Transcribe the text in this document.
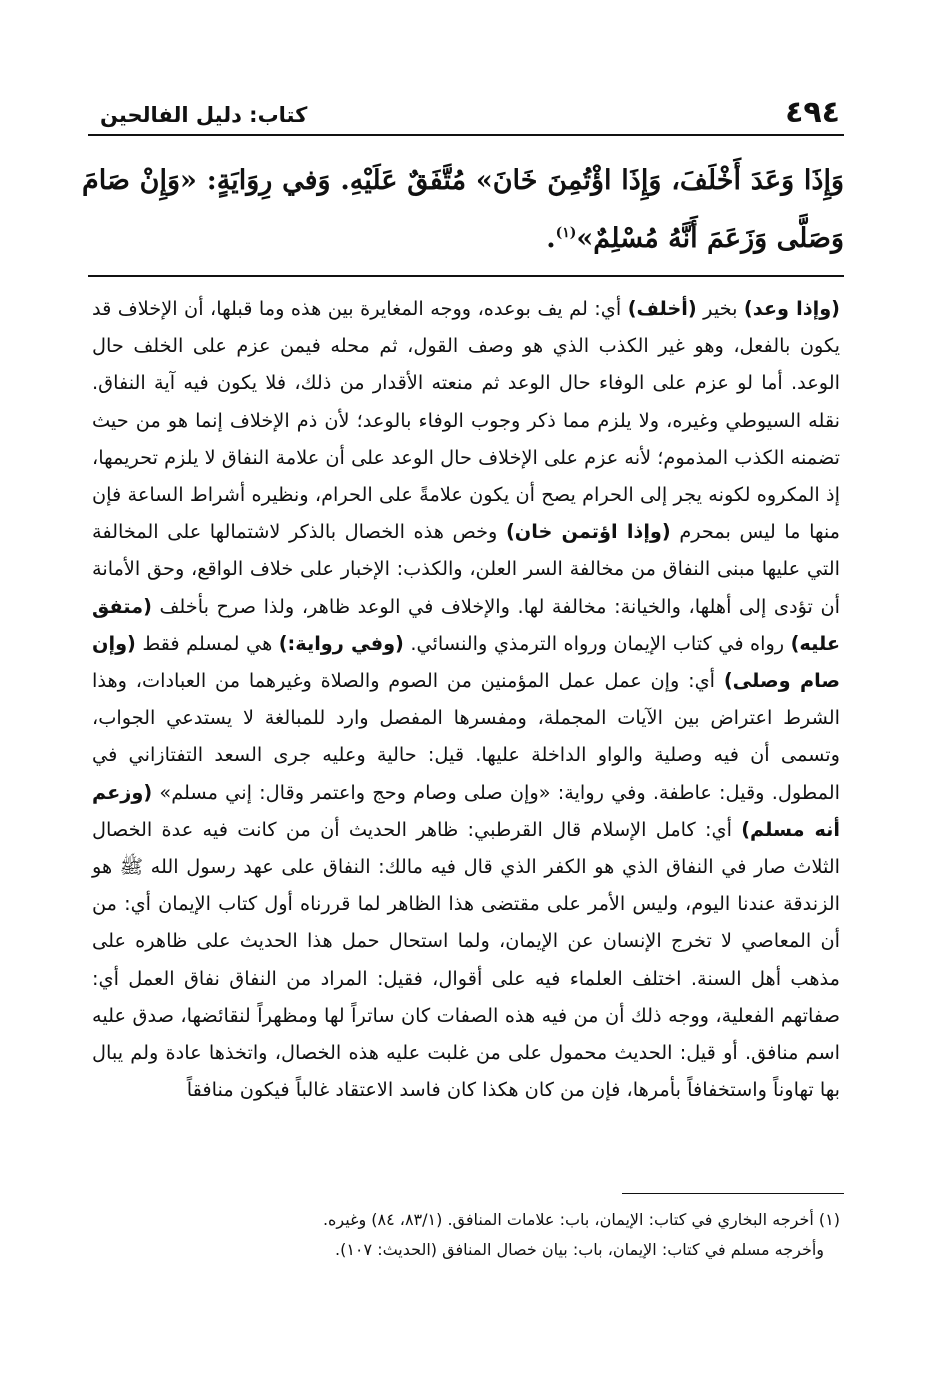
٤٩٤
كتاب: دليل الفالحين
وَإِذَا وَعَدَ أَخْلَفَ، وَإِذَا اؤْتُمِنَ خَانَ» مُتَّفَقٌ عَلَيْهِ. وَفي رِوَايَةٍ: «وَإِنْ صَامَ وَصَلَّى وَزَعَمَ أَنَّهُ مُسْلِمٌ»$^{(١)}$.
(وإذا وعد) بخير (أخلف) أي: لم يف بوعده، ووجه المغايرة بين هذه وما قبلها، أن الإخلاف قد يكون بالفعل، وهو غير الكذب الذي هو وصف القول، ثم محله فيمن عزم على الخلف حال الوعد. أما لو عزم على الوفاء حال الوعد ثم منعته الأقدار من ذلك، فلا يكون فيه آية النفاق. نقله السيوطي وغيره، ولا يلزم مما ذكر وجوب الوفاء بالوعد؛ لأن ذم الإخلاف إنما هو من حيث تضمنه الكذب المذموم؛ لأنه عزم على الإخلاف حال الوعد على أن علامة النفاق لا يلزم تحريمها، إذ المكروه لكونه يجر إلى الحرام يصح أن يكون علامةً على الحرام، ونظيره أشراط الساعة فإن منها ما ليس بمحرم (وإذا اؤتمن خان) وخص هذه الخصال بالذكر لاشتمالها على المخالفة التي عليها مبنى النفاق من مخالفة السر العلن، والكذب: الإخبار على خلاف الواقع، وحق الأمانة أن تؤدى إلى أهلها، والخيانة: مخالفة لها. والإخلاف في الوعد ظاهر، ولذا صرح بأخلف (متفق عليه) رواه في كتاب الإيمان ورواه الترمذي والنسائي. (وفي رواية:) هي لمسلم فقط (وإن صام وصلى) أي: وإن عمل عمل المؤمنين من الصوم والصلاة وغيرهما من العبادات، وهذا الشرط اعتراض بين الآيات المجملة، ومفسرها المفصل وارد للمبالغة لا يستدعي الجواب، وتسمى أن فيه وصلية والواو الداخلة عليها. قيل: حالية وعليه جرى السعد التفتازاني في المطول. وقيل: عاطفة. وفي رواية: «وإن صلى وصام وحج واعتمر وقال: إني مسلم» (وزعم أنه مسلم) أي: كامل الإسلام قال القرطبي: ظاهر الحديث أن من كانت فيه عدة الخصال الثلاث صار في النفاق الذي هو الكفر الذي قال فيه مالك: النفاق على عهد رسول الله ﷺ هو الزندقة عندنا اليوم، وليس الأمر على مقتضى هذا الظاهر لما قررناه أول كتاب الإيمان أي: من أن المعاصي لا تخرج الإنسان عن الإيمان، ولما استحال حمل هذا الحديث على ظاهره على مذهب أهل السنة. اختلف العلماء فيه على أقوال، فقيل: المراد من النفاق نفاق العمل أي: صفاتهم الفعلية، ووجه ذلك أن من فيه هذه الصفات كان ساتراً لها ومظهراً لنقائضها، صدق عليه اسم منافق. أو قيل: الحديث محمول على من غلبت عليه هذه الخصال، واتخذها عادة ولم يبال بها تهاوناً واستخفافاً بأمرها، فإن من كان هكذا كان فاسد الاعتقاد غالباً فيكون منافقاً
(١) أخرجه البخاري في كتاب: الإيمان، باب: علامات المنافق. (٨٣/١، ٨٤) وغيره.
وأخرجه مسلم في كتاب: الإيمان، باب: بيان خصال المنافق (الحديث: ١٠٧).
